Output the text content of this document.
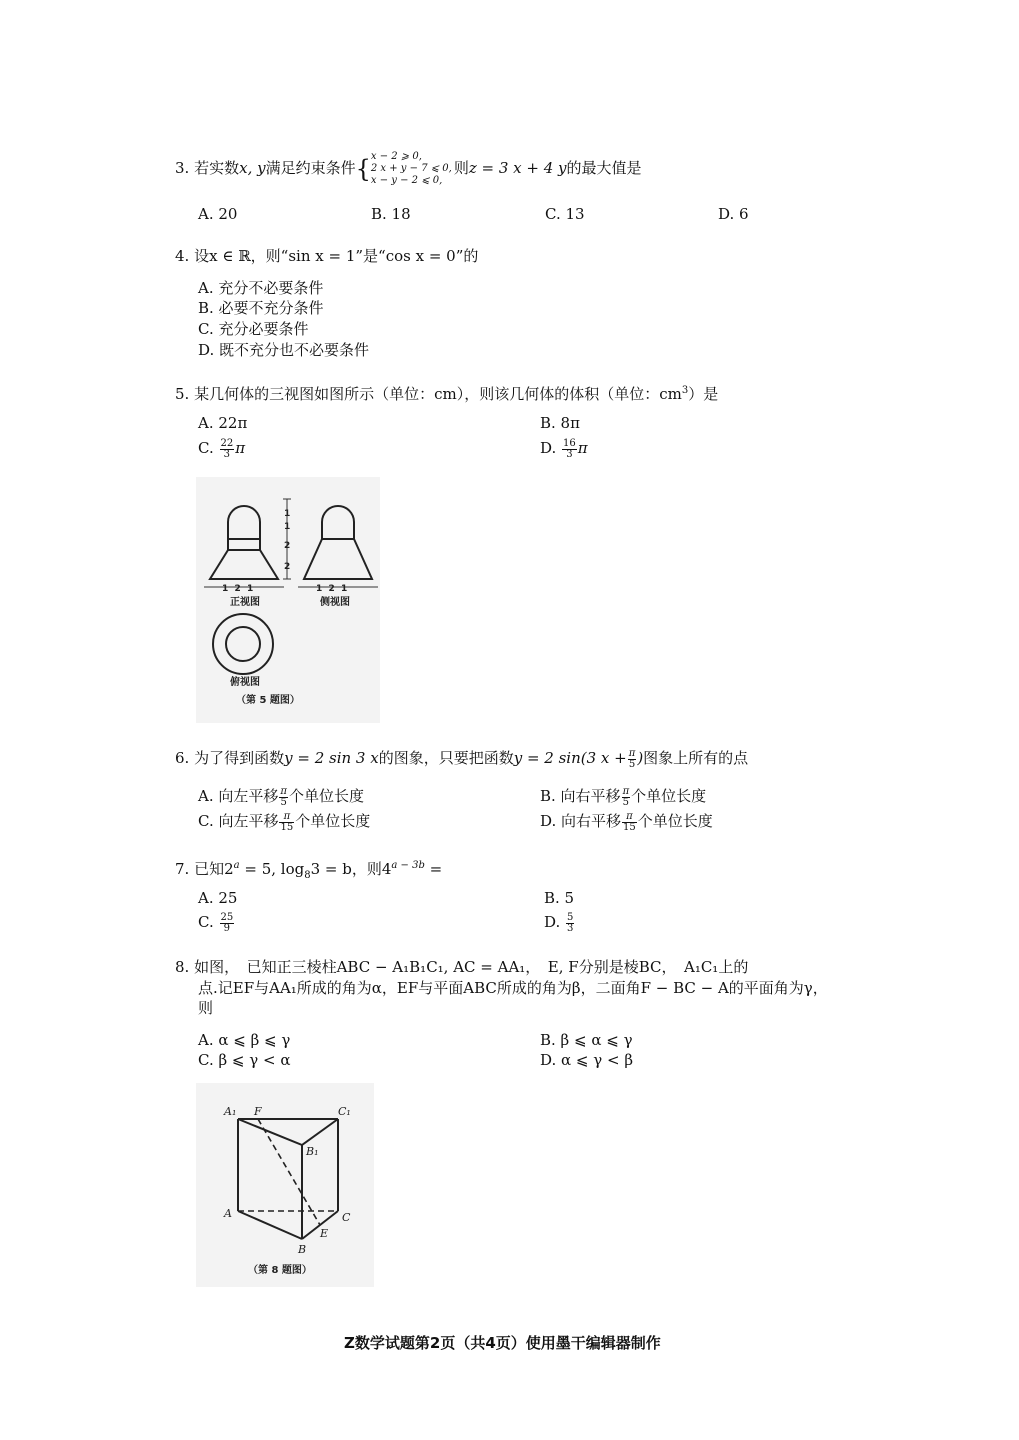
3. 若实数x, y满足约束条件{ x − 2 ⩾ 0,
2 x + y − 7 ⩽ 0,
x − y − 2 ⩽ 0,
则z = 3 x + 4 y的最大值是
A. 20	B. 18	C. 13	D. 6
4. 设x ∈ ℝ，则“sin x = 1”是“cos x = 0”的
A. 充分不必要条件
B. 必要不充分条件
C. 充分必要条件
D. 既不充分也不必要条件
5. 某几何体的三视图如图所示（单位：cm），则该几何体的体积（单位：$cm^3$）是
A. 22π	B. 8π
C. $\frac{22}{3}$ π	D. $\frac{16}{3}$ π
1
1
2
2
1  2  1	1  2  1
正视图	侧视图
俯视图
（第 5 题图）
6. 为了得到函数y = 2 sin 3 x的图象，只要把函数y = 2 sin(3 $x + \frac{\pi}{5}$ )图象上所有的点
A. 向左平移 $\frac{\pi}{5}$ 个单位长度	B. 向右平移 $\frac{\pi}{5}$ 个单位长度
C. 向左平移 $\frac{\pi}{15}$ 个单位长度	D. 向右平移 $\frac{\pi}{15}$ 个单位长度
7. 已知$2^a = 5$, $\log_83 = b$，则$4^{a - 3b}$ =
A. 25	B. 5
C. $\frac{25}{9}$	D. $\frac{5}{3}$
8. 如图，　已知正三棱柱ABC − A₁B₁C₁, AC = AA₁，　E, F分别是棱BC，　A₁C₁上的
点.记EF与AA₁所成的角为α，EF与平面ABC所成的角为β，二面角F − BC − A的平面角为γ，
则
A. α ⩽ β ⩽ γ	B. β ⩽ α ⩽ γ
C. β ⩽ γ < α	D. α ⩽ γ < β
A₁ F	C₁
B₁
A	C
E
B
（第 8 题图）
Z数学试题第2页（共4页）使用墨干编辑器制作
